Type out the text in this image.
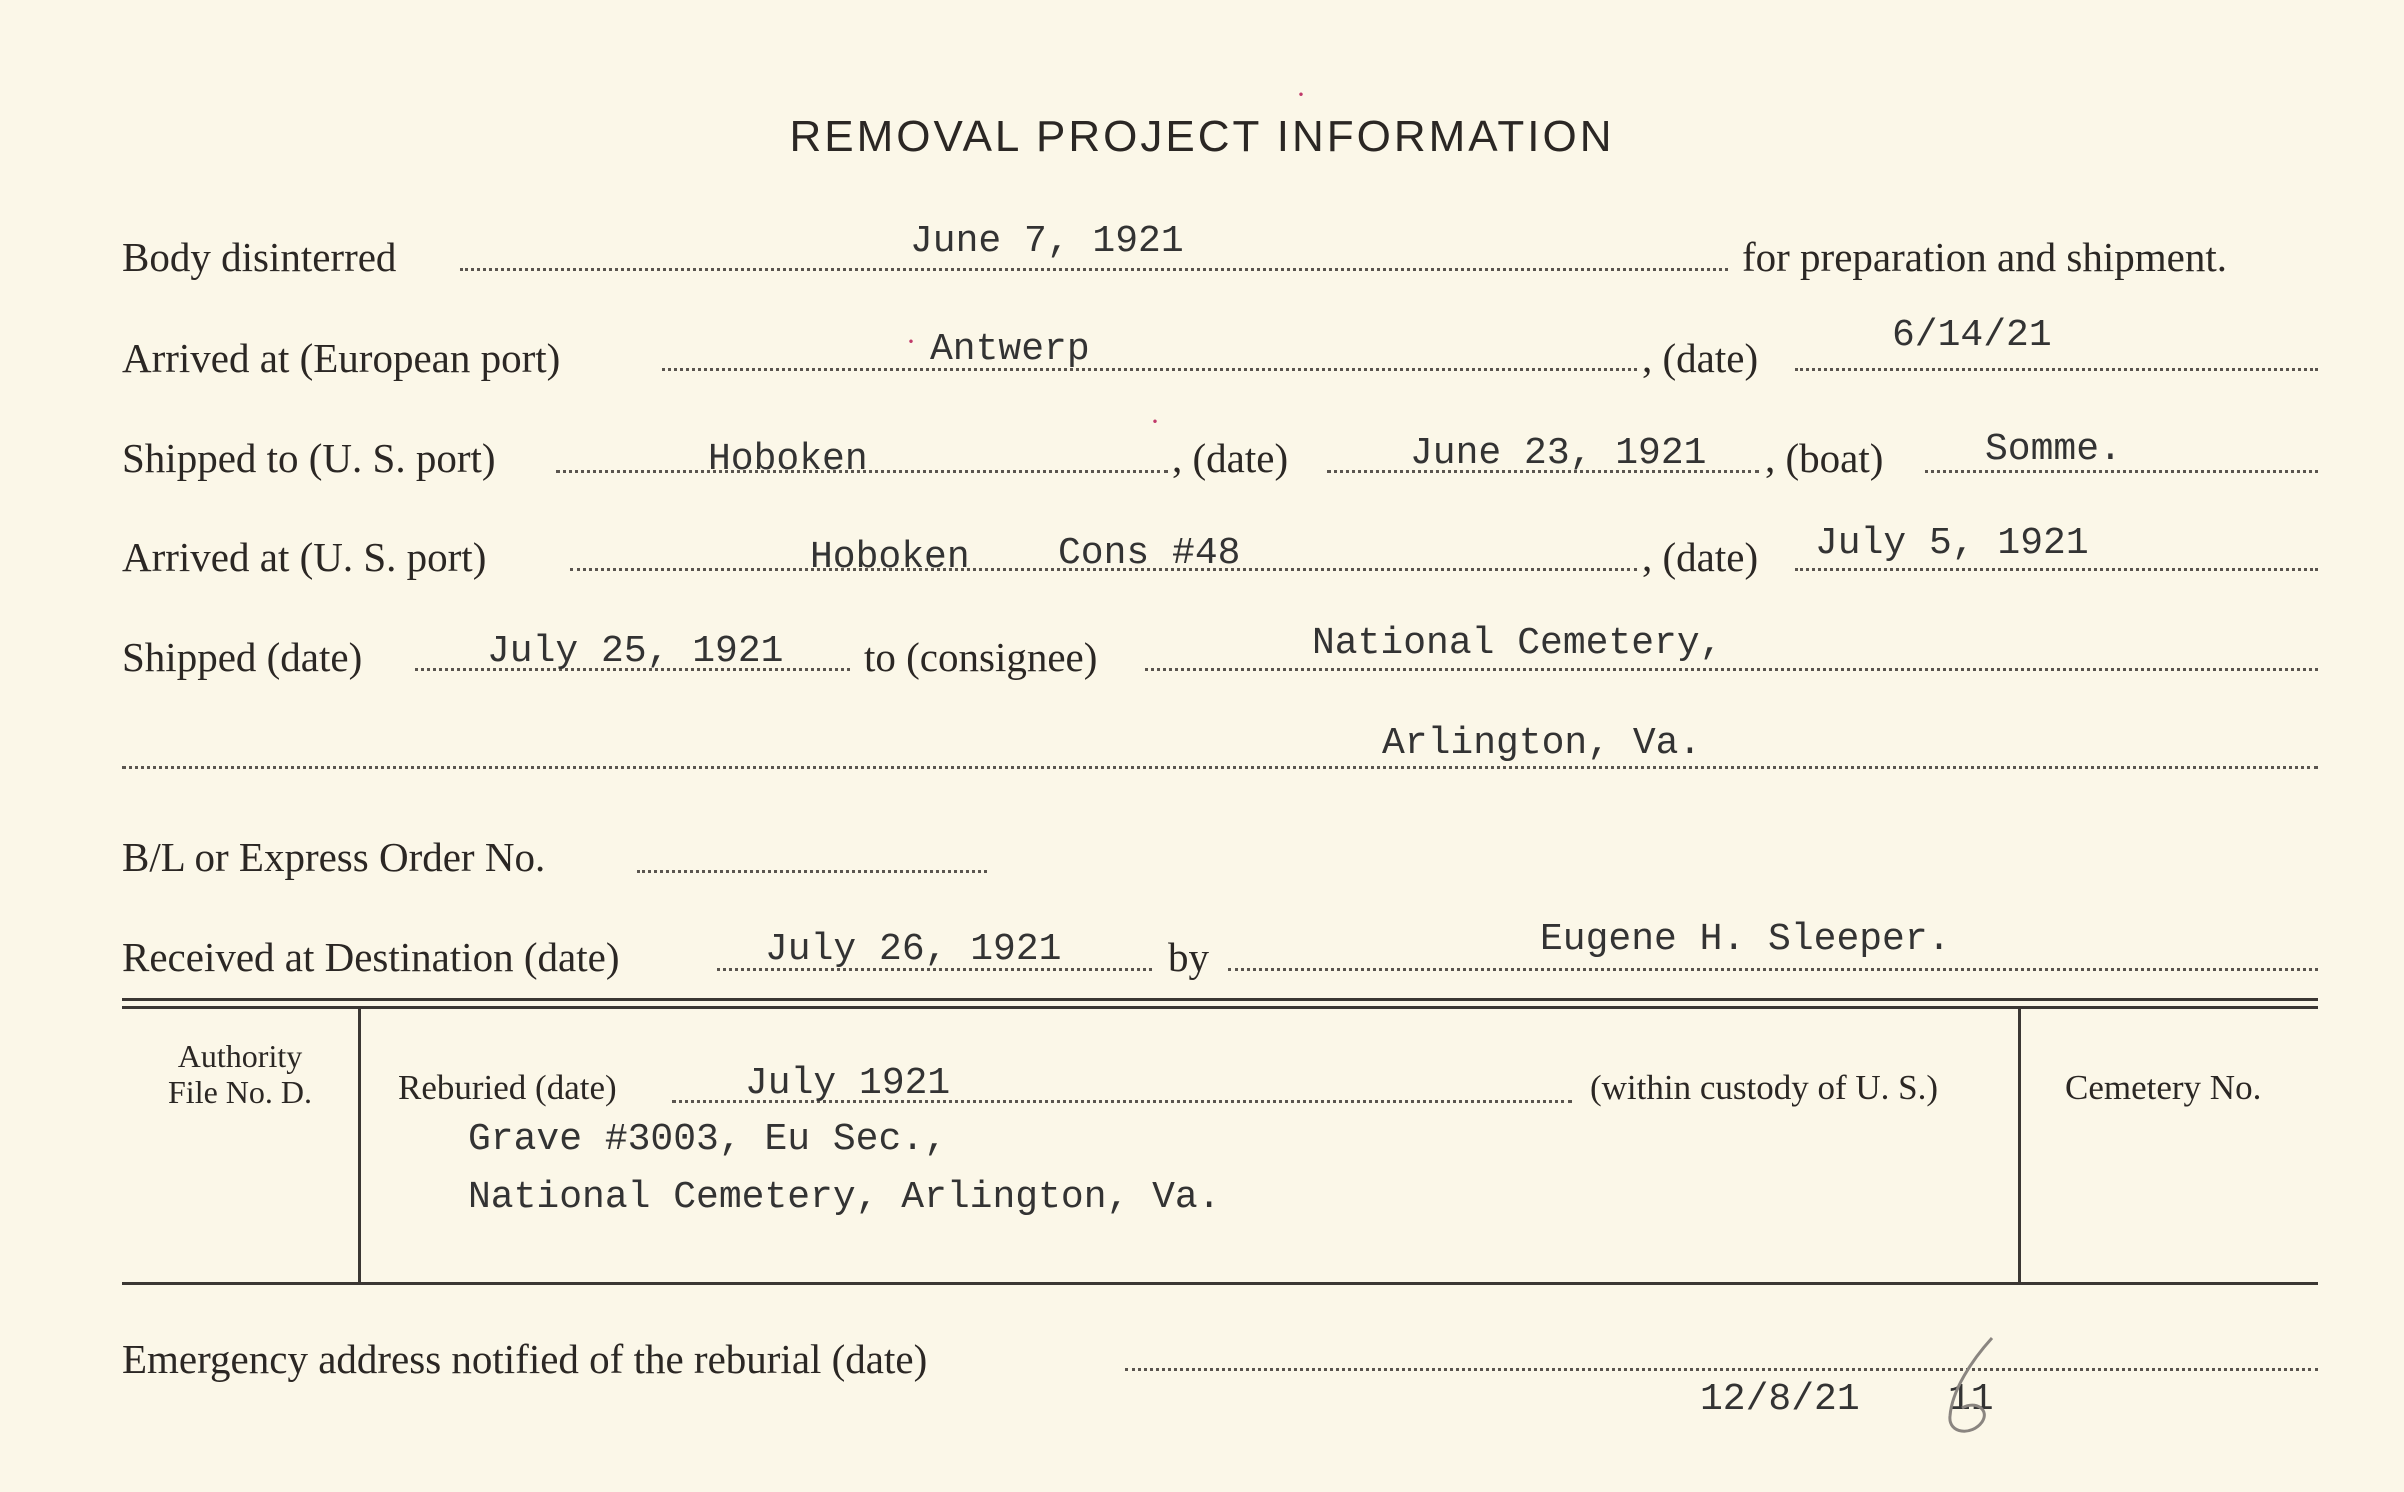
REMOVAL PROJECT INFORMATION
Body disinterred	June 7, 1921	for preparation and shipment.
Arrived at (European port)	Antwerp	, (date)	6/14/21
Shipped to (U. S. port)	Hoboken	, (date)	June 23, 1921 , (boat)	Somme.
Arrived at (U. S. port)	Hoboken Cons #48	, (date) July 5, 1921
Shipped (date)	July 25, 1921 to (consignee)	National Cemetery,
Arlington, Va.
B/L or Express Order No.
Received at Destination (date)	July 26, 1921	by	Eugene H. Sleeper.
Authority
File No. D.	Reburied (date)	July 1921	(within custody of U. S.)
Grave #3003, Eu Sec.,
National Cemetery, Arlington, Va.
Cemetery No.
Emergency address notified of the reburial (date)
12/8/21 11
·
·
·
